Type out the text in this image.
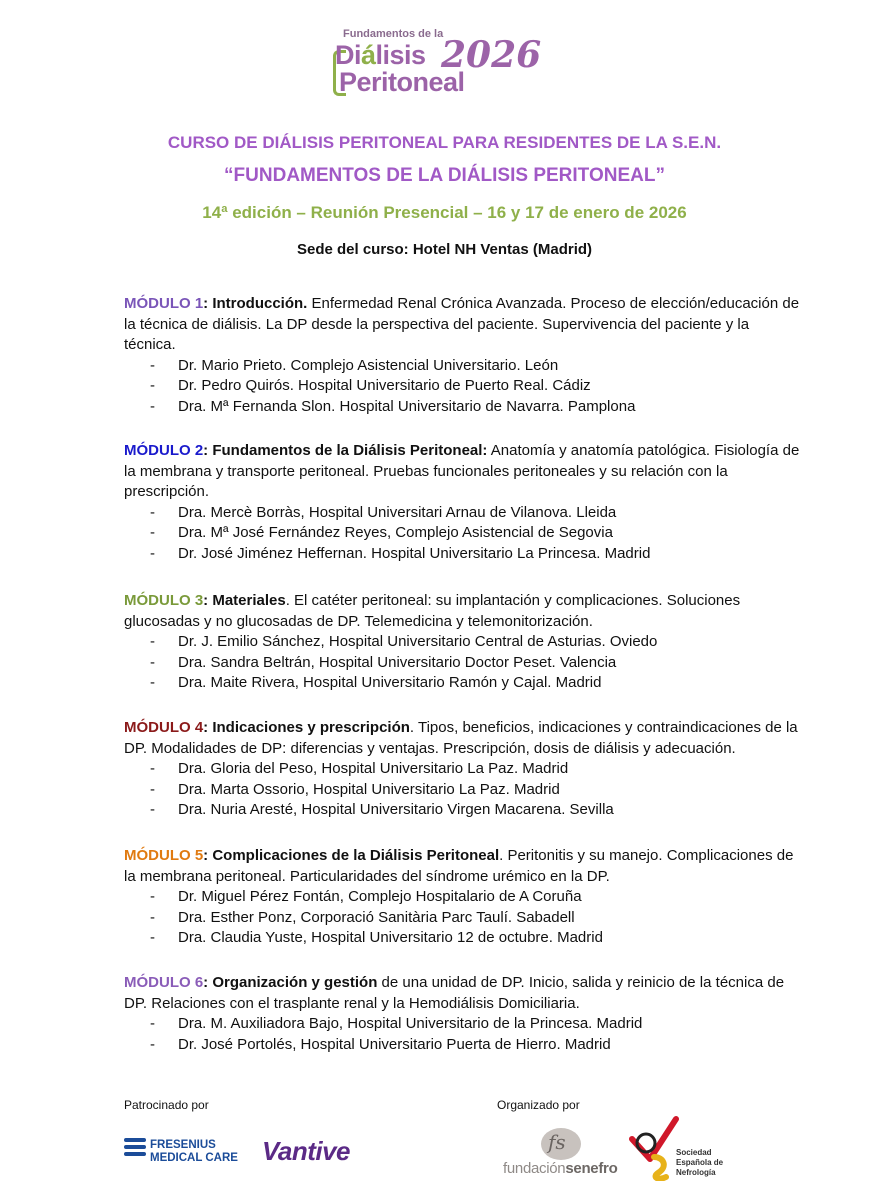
Fundamentos de la
Diálisis
Peritoneal
2026
CURSO DE DIÁLISIS PERITONEAL PARA RESIDENTES DE LA S.E.N.
“FUNDAMENTOS DE LA DIÁLISIS PERITONEAL”
14ª edición – Reunión Presencial – 16 y 17 de enero de 2026
Sede del curso: Hotel NH Ventas (Madrid)

MÓDULO 1: Introducción. Enfermedad Renal Crónica Avanzada. Proceso de elección/educación de la técnica de diálisis. La DP desde la perspectiva del paciente. Supervivencia del paciente y la técnica.

- Dr. Mario Prieto. Complejo Asistencial Universitario. León
- Dr. Pedro Quirós. Hospital Universitario de Puerto Real. Cádiz
- Dra. Mª Fernanda Slon. Hospital Universitario de Navarra. Pamplona

MÓDULO 2: Fundamentos de la Diálisis Peritoneal: Anatomía y anatomía patológica. Fisiología de la membrana y transporte peritoneal. Pruebas funcionales peritoneales y su relación con la prescripción.

- Dra. Mercè Borràs, Hospital Universitari Arnau de Vilanova. Lleida
- Dra. Mª José Fernández Reyes, Complejo Asistencial de Segovia
- Dr. José Jiménez Heffernan. Hospital Universitario La Princesa. Madrid

MÓDULO 3: Materiales. El catéter peritoneal: su implantación y complicaciones. Soluciones glucosadas y no glucosadas de DP. Telemedicina y telemonitorización.

- Dr. J. Emilio Sánchez, Hospital Universitario Central de Asturias. Oviedo
- Dra. Sandra Beltrán, Hospital Universitario Doctor Peset. Valencia
- Dra. Maite Rivera, Hospital Universitario Ramón y Cajal. Madrid

MÓDULO 4: Indicaciones y prescripción. Tipos, beneficios, indicaciones y contraindicaciones de la DP. Modalidades de DP: diferencias y ventajas. Prescripción, dosis de diálisis y adecuación.

- Dra. Gloria del Peso, Hospital Universitario La Paz. Madrid
- Dra. Marta Ossorio, Hospital Universitario La Paz. Madrid
- Dra. Nuria Aresté, Hospital Universitario Virgen Macarena. Sevilla

MÓDULO 5: Complicaciones de la Diálisis Peritoneal. Peritonitis y su manejo. Complicaciones de la membrana peritoneal. Particularidades del síndrome urémico en la DP.

- Dr. Miguel Pérez Fontán, Complejo Hospitalario de A Coruña
- Dra. Esther Ponz, Corporació Sanitària Parc Taulí. Sabadell
- Dra. Claudia Yuste, Hospital Universitario 12 de octubre. Madrid

MÓDULO 6: Organización y gestión de una unidad de DP. Inicio, salida y reinicio de la técnica de DP. Relaciones con el trasplante renal y la Hemodiálisis Domiciliaria.

- Dra. M. Auxiliadora Bajo, Hospital Universitario de la Princesa. Madrid
- Dr. José Portolés, Hospital Universitario Puerta de Hierro. Madrid
Patrocinado por	Organizado por
FRESENIUS
MEDICAL CARE Vantive	fs
fundaciónsenefro
Sociedad
Española de
Nefrología
